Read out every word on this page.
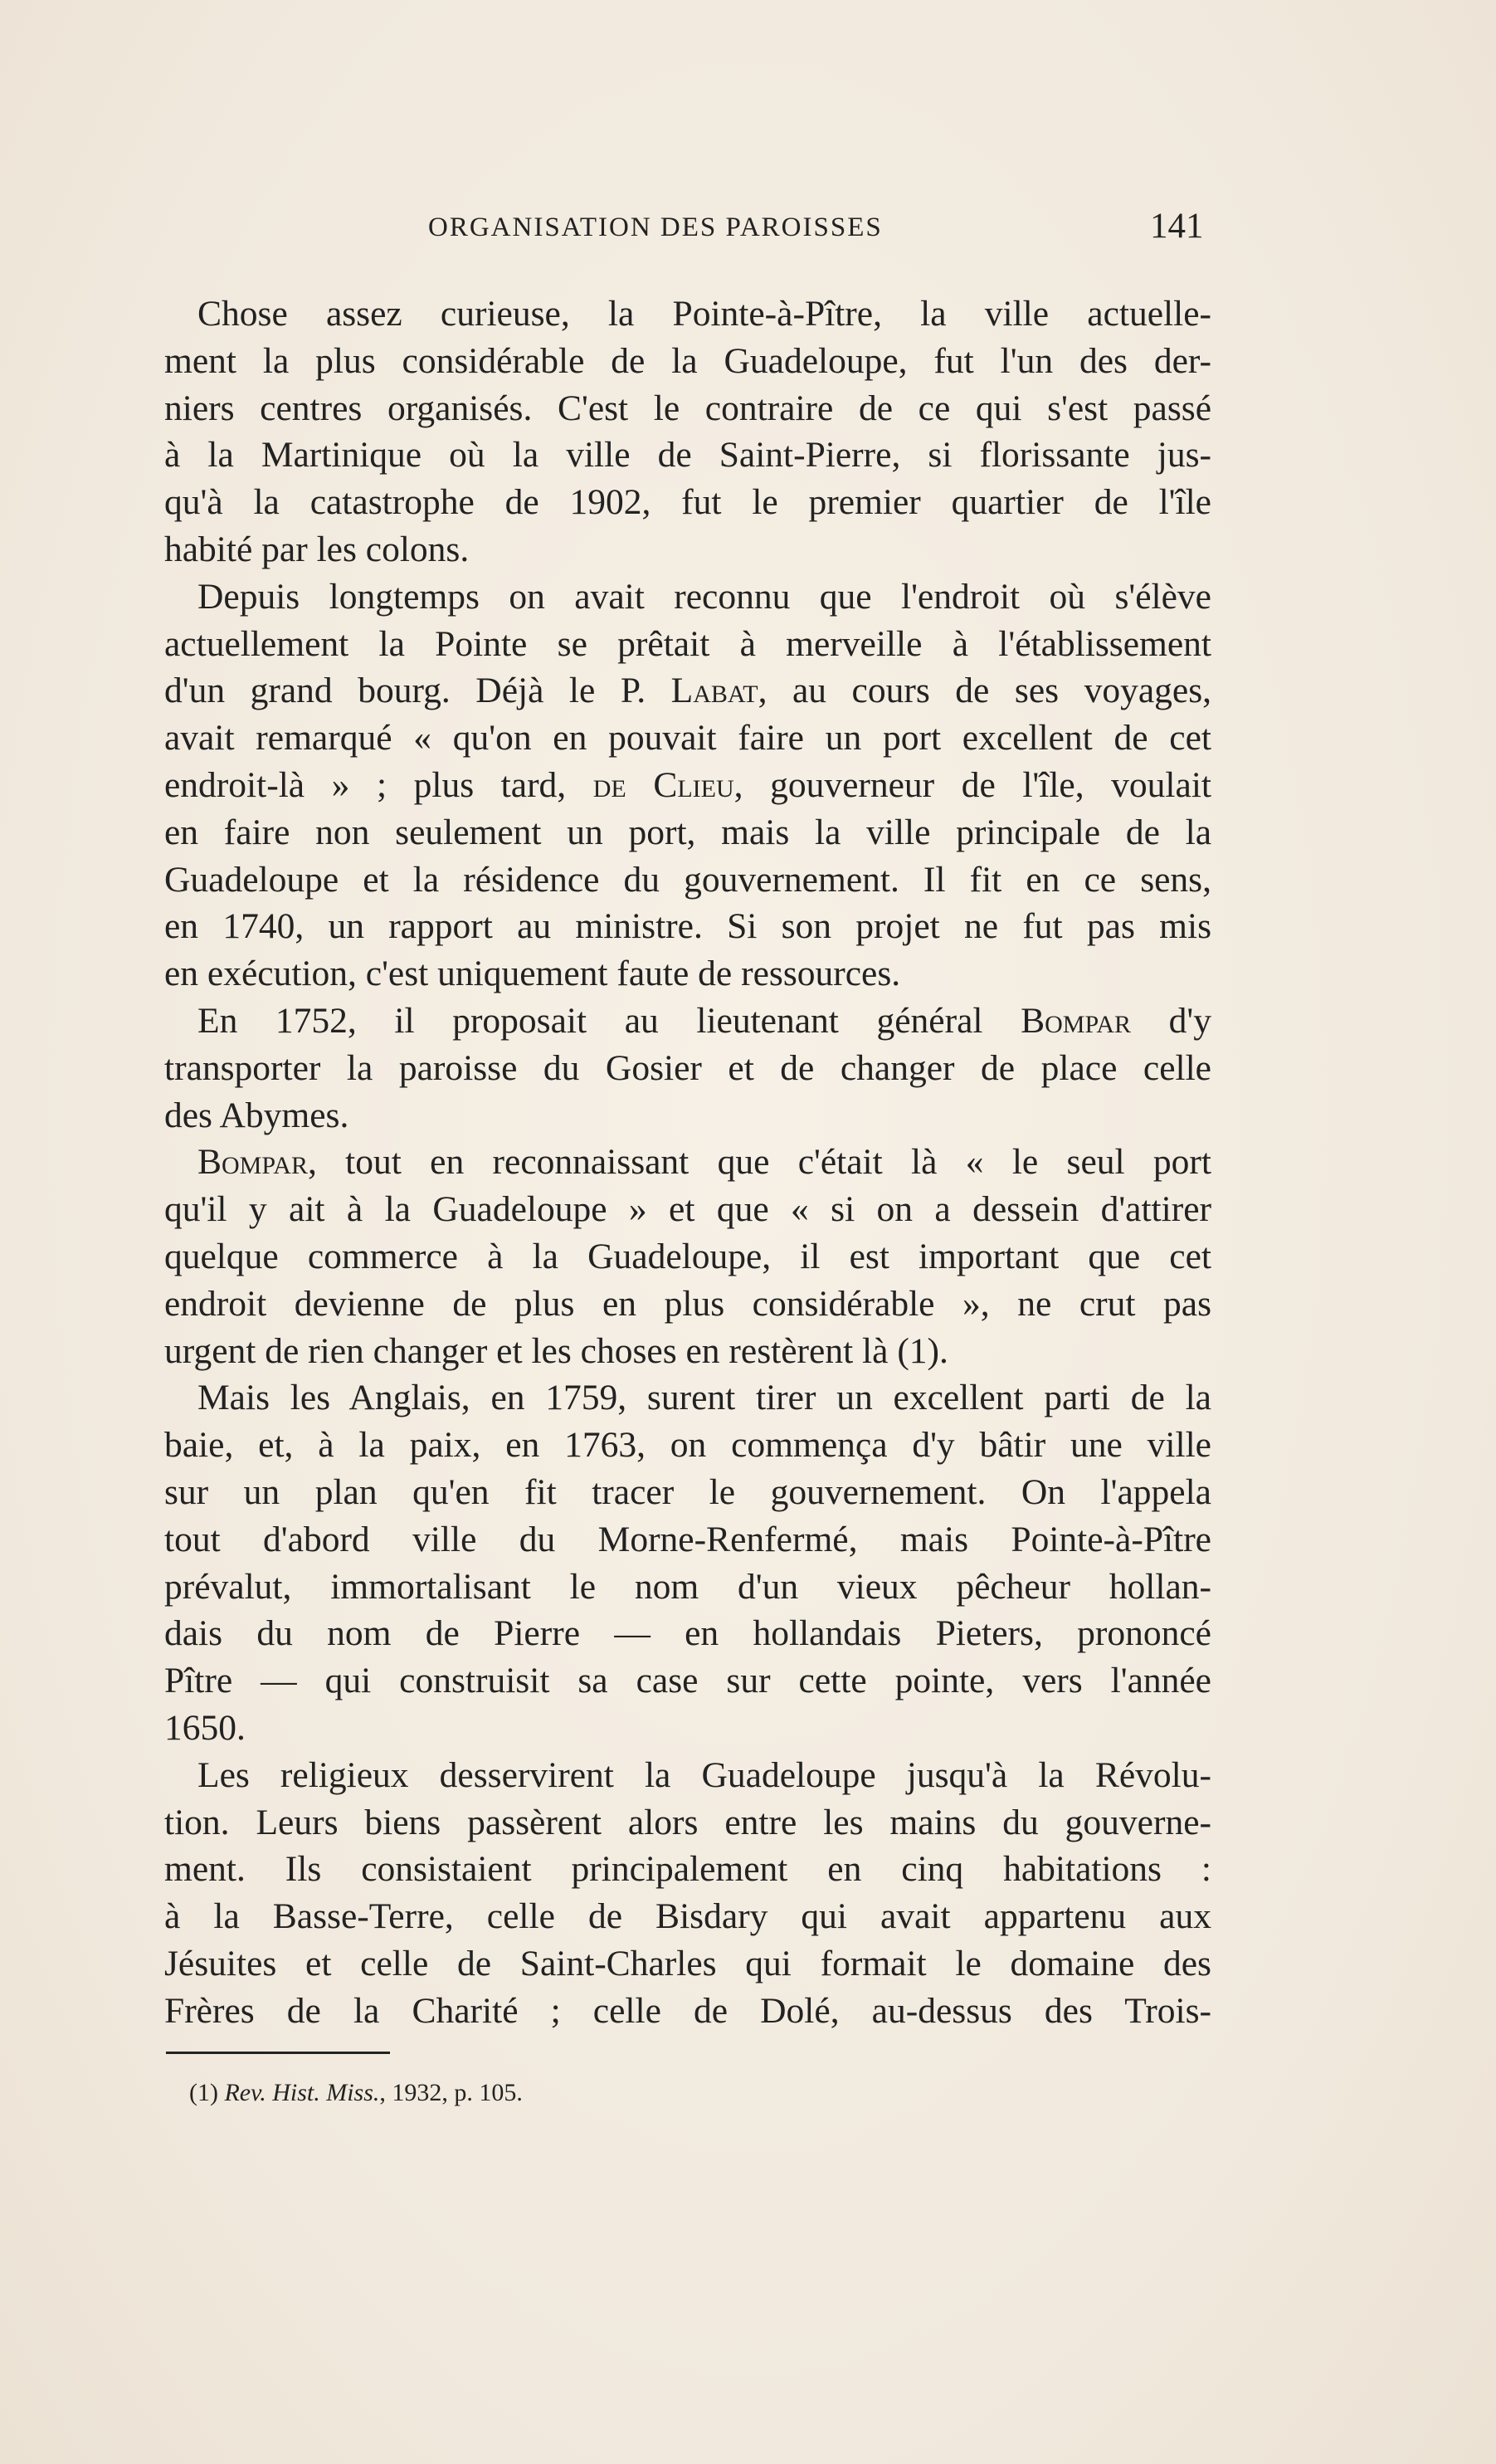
ORGANISATION DES PAROISSES	141
Chose assez curieuse, la Pointe-à-Pître, la ville actuelle-
ment la plus considérable de la Guadeloupe, fut l'un des der-
niers centres organisés. C'est le contraire de ce qui s'est passé
à la Martinique où la ville de Saint-Pierre, si florissante jus-
qu'à la catastrophe de 1902, fut le premier quartier de l'île
habité par les colons.
Depuis longtemps on avait reconnu que l'endroit où s'élève
actuellement la Pointe se prêtait à merveille à l'établissement
d'un grand bourg. Déjà le P. Labat, au cours de ses voyages,
avait remarqué « qu'on en pouvait faire un port excellent de cet
endroit-là » ; plus tard, de Clieu, gouverneur de l'île, voulait
en faire non seulement un port, mais la ville principale de la
Guadeloupe et la résidence du gouvernement. Il fit en ce sens,
en 1740, un rapport au ministre. Si son projet ne fut pas mis
en exécution, c'est uniquement faute de ressources.
En 1752, il proposait au lieutenant général Bompar d'y
transporter la paroisse du Gosier et de changer de place celle
des Abymes.
Bompar, tout en reconnaissant que c'était là « le seul port
qu'il y ait à la Guadeloupe » et que « si on a dessein d'attirer
quelque commerce à la Guadeloupe, il est important que cet
endroit devienne de plus en plus considérable », ne crut pas
urgent de rien changer et les choses en restèrent là (1).
Mais les Anglais, en 1759, surent tirer un excellent parti de la
baie, et, à la paix, en 1763, on commença d'y bâtir une ville
sur un plan qu'en fit tracer le gouvernement. On l'appela
tout d'abord ville du Morne-Renfermé, mais Pointe-à-Pître
prévalut, immortalisant le nom d'un vieux pêcheur hollan-
dais du nom de Pierre — en hollandais Pieters, prononcé
Pître — qui construisit sa case sur cette pointe, vers l'année
1650.
Les religieux desservirent la Guadeloupe jusqu'à la Révolu-
tion. Leurs biens passèrent alors entre les mains du gouverne-
ment. Ils consistaient principalement en cinq habitations :
à la Basse-Terre, celle de Bisdary qui avait appartenu aux
Jésuites et celle de Saint-Charles qui formait le domaine des
Frères de la Charité ; celle de Dolé, au-dessus des Trois-
(1) Rev. Hist. Miss., 1932, p. 105.
